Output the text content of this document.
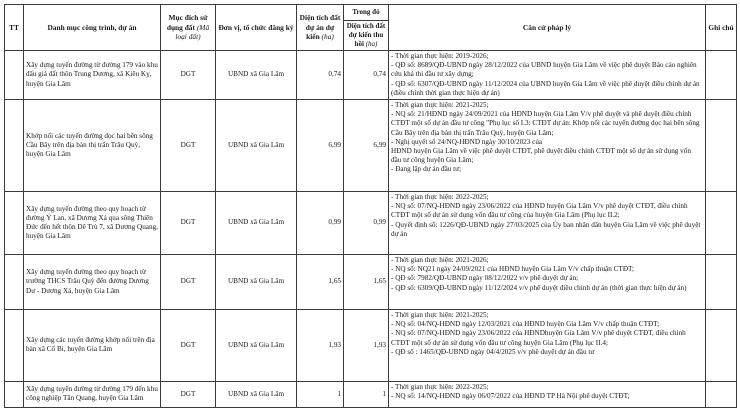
TT	Danh mục công trình, dự án	Mục đích sử dụng đất (Mã loại đất)	Đơn vị, tổ chức đăng ký	Diện tích đất dự án dự kiến (ha)	Trong đó	Căn cứ pháp lý	Ghi chú
					Diện tích đất dự kiến thu hồi (ha)		
	Xây dựng tuyến đường từ đường 179 vào khu đấu giá đất thôn Trung Dương, xã Kiêu Kỵ, huyện Gia Lâm	DGT	UBND xã Gia Lâm	0,74	0,74	- Thời gian thực hiện: 2019-2026;
- QĐ số: 8689/QĐ-UBND ngày 28/12/2022 của UBND huyện Gia Lâm về việc phê duyệt Báo cáo nghiên cứu khả thi đầu tư xây dựng;
- QĐ số: 6307/QĐ-UBND ngày 11/12/2024 của UBND huyện Gia Lâm về việc phê duyệt điều chỉnh dự án (điều chỉnh thời gian thực hiện dự án)	

	Khớp nối các tuyến đường dọc hai bên sông Cầu Bây trên địa bàn thị trấn Trâu Quỳ, huyện Gia Lâm	DGT	UBND xã Gia Lâm	6,99	6,99	- Thời gian thực hiện: 2021-2025;
- NQ số: 21/HĐND ngày 24/09/2021 của HĐND huyện Gia Lâm V/v phê duyệt và phê duyệt điều chỉnh CTĐT một số dự án đầu tư công "Phụ lục số I.3: CTĐT dự án: Khớp nối các tuyến đường dọc hai bên sông Cầu Bây trên địa bàn thị trấn Trâu Quỳ, huyện Gia Lâm;
- Nghị quyết số 24/NQ-HĐND ngày 30/10/2023 của
HĐND huyện Gia Lâm về việc phê duyệt CTĐT, phê duyệt điều chỉnh CTĐT một số dự án sử dụng vốn đầu tư công huyện Gia Lâm;
- Đang lập dự án đầu tư;	

	Xây dựng tuyến đường theo quy hoạch từ đường Ỷ Lan, xã Dương Xá qua sông Thiên Đức đến hết thôn Dê Trù 7, xã Dương Quang, huyện Gia Lâm	DGT	UBND xã Gia Lâm	0,99	0,99	- Thời gian thực hiện: 2022-2025;
- NQ số: 07/NQ-HĐND ngày 23/06/2022 của HĐND huyện Gia Lâm V/v phê duyệt CTĐT, điều chỉnh CTĐT một số dự án sử dụng vốn đầu tư công của huyện Gia Lâm (Phụ lục II.2;
- Quyết định số: 1226/QĐ-UBND ngày 27/03/2025 của Ủy ban nhân dân huyện Gia Lâm về việc phê duyệt dự án	

	Xây dựng tuyến đường theo quy hoạch từ trường THCS Trâu Quỳ đến đường Dương Dư - Dương Xá, huyện Gia Lâm	DGT	UBND xã Gia Lâm	1,65	1,65	- Thời gian thực hiện: 2021-2026;
- NQ số: NQ21 ngày 24/09/2021 của HĐND huyện Gia Lâm V/v chấp thuận CTĐT;
- QĐ số: 7982/QĐ-UBND ngày 08/12/2022 v/v phê duyệt dự án;
- QĐ số: 6309/QĐ-UBND ngày 11/12/2024 v/v phê duyệt điều chỉnh dự án (thời gian thực hiện dự án)	

	Xây dựng các tuyến đường khớp nối trên địa bàn xã Cổ Bi, huyện Gia Lâm	DGT	UBND xã Gia Lâm	1,93	1,93	- Thời gian thực hiện: 2021-2025;
- NQ số: 04/NQ-HĐND ngày 12/03/2021 của HĐND huyện Gia Lâm V/v chấp thuận CTĐT;
- NQ số: 07/NQ-HĐND ngày 23/06/2022 của HĐNDhuyện Gia Lâm V/v phê duyệt CTĐT, điều chỉnh CTĐT một số dự án sử dụng vốn đầu tư công huyện Gia Lâm (Phụ lục II.4;
- QĐ số : 1465/QĐ-UBND ngày 04/4/2025 v/v phê duyệt dự án đầu tư	

	Xây dựng tuyến đường từ đường 179 đến khu công nghiệp Tân Quang, huyện Gia Lâm	DGT	UBND xã Gia Lâm	1	1	- Thời gian thực hiện: 2022-2025;
- NQ số: 14/NQ-HĐND ngày 06/07/2022 của HĐND TP Hà Nội phê duyệt CTĐT;	
